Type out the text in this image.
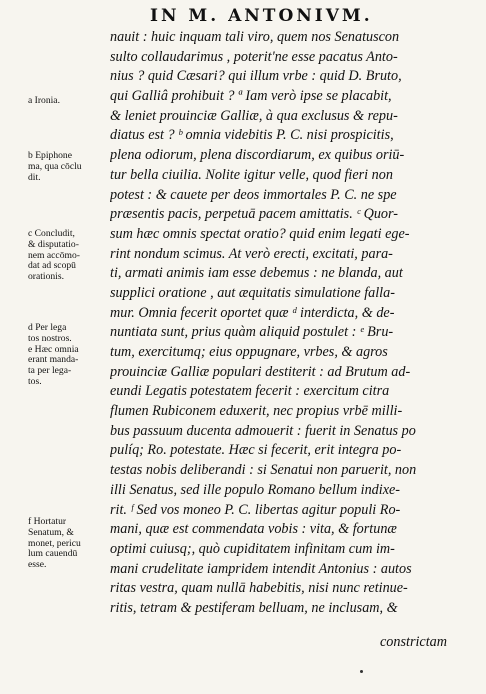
IN M. ANTONIVM.
nauit : huic inquam tali viro, quem nos Senatuscon
sulto collaudarimus , poterit'ne esse pacatus Anto-
nius ? quid Cæsari? qui illum vrbe : quid D. Bruto,
qui Galliâ prohibuit ? ª Iam verò ipse se placabit,
& leniet prouinciæ Galliæ, à qua exclusus & repu-
diatus est ? ᵇ omnia videbitis P. C. nisi prospicitis,
plena odiorum, plena discordiarum, ex quibus oriū-
tur bella ciuilia. Nolite igitur velle, quod fieri non
potest : & cauete per deos immortales P. C. ne spe
præsentis pacis, perpetuā pacem amittatis. ᶜ Quor-
sum hæc omnis spectat oratio? quid enim legati ege-
rint nondum scimus. At verò erecti, excitati, para-
ti, armati animis iam esse debemus : ne blanda, aut
supplici oratione , aut æquitatis simulatione falla-
mur. Omnia fecerit oportet quæ ᵈ interdicta, & de-
nuntiata sunt, prius quàm aliquid postulet : ᵉ Bru-
tum, exercitumq; eius oppugnare, vrbes, & agros
prouinciæ Galliæ populari destiterit : ad Brutum ad-
eundi Legatis potestatem fecerit : exercitum citra
flumen Rubiconem eduxerit, nec propius vrbē milli-
bus passuum ducenta admouerit : fuerit in Senatus po
pulíq; Ro. potestate. Hæc si fecerit, erit integra po-
testas nobis deliberandi : si Senatui non paruerit, non
illi Senatus, sed ille populo Romano bellum indixe-
rit. ᶠ Sed vos moneo P. C. libertas agitur populi Ro-
mani, quæ est commendata vobis : vita, & fortunæ
optimi cuiusq;, quò cupiditatem infinitam cum im-
mani crudelitate iampridem intendit Antonius : autos
ritas vestra, quam nullā habebitis, nisi nunc retinue-
ritis, tetram & pestiferam belluam, ne inclusam, &
a Ironia.
b Epiphone
ma, qua cōclu
dit.
c Concludit,
& disputatio-
nem accōmo-
dat ad scopū
orationis.
d Per lega
tos nostros.
e Hæc omnia
erant manda-
ta per lega-
tos.
f Hortatur
Senatum, &
monet, pericu
lum cauendū
esse.
constrictam
